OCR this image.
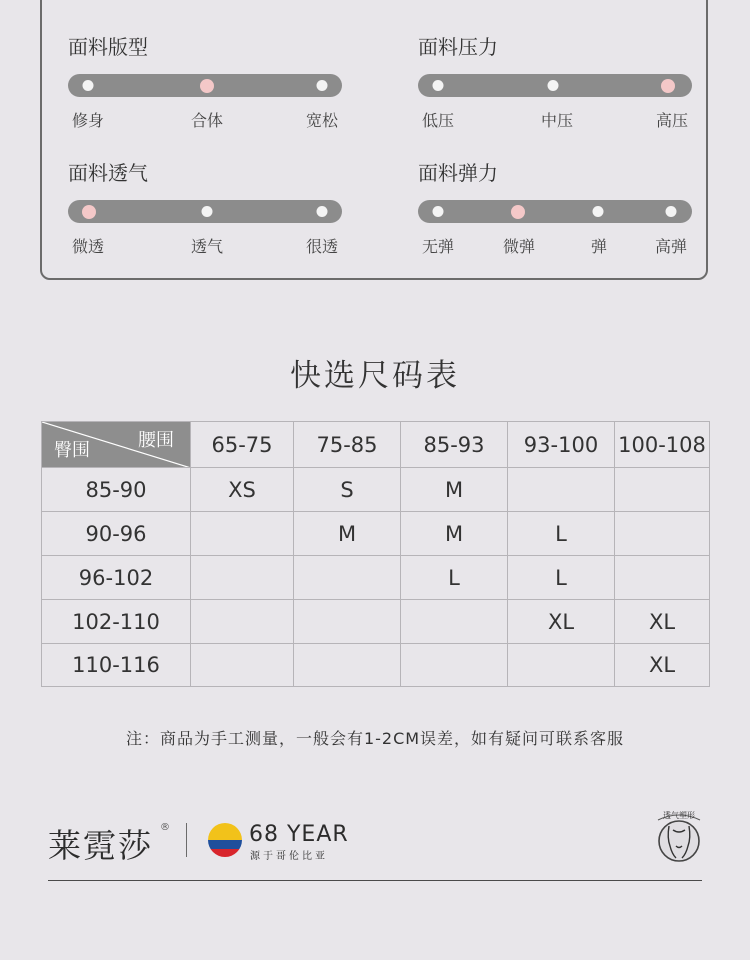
面料版型
修身	合体	宽松
面料压力
低压	中压	高压
面料透气
微透	透气	很透
面料弹力
无弹	微弹	弹	高弹
快选尺码表
腰围
臀围	65-75	75-85	85-93	93-100	100-108
85-90	XS	S	M		
90-96		M	M	L	
96-102			L	L	
102-110				XL	XL
110-116					XL
注：商品为手工测量，一般会有1-2CM误差，如有疑问可联系客服
莱霓莎 ®	68 YEAR
源于哥伦比亚
透气塑形
